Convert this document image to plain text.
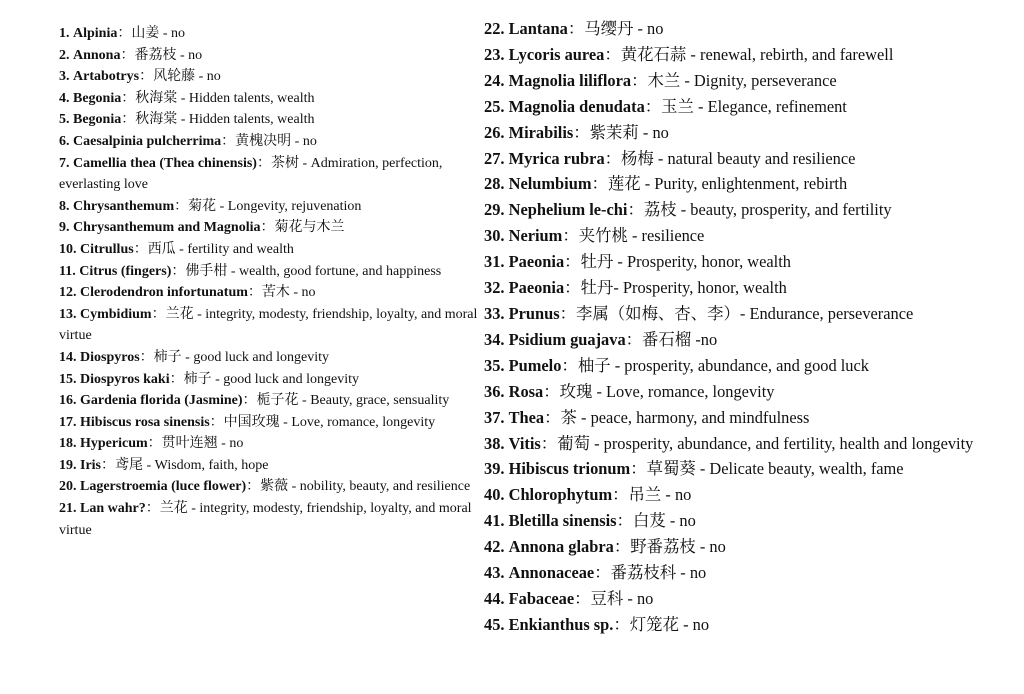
1. Alpinia：山姜 - no

2. Annona：番荔枝 - no

3. Artabotrys：风轮藤 - no

4. Begonia：秋海棠 - Hidden talents, wealth

5. Begonia：秋海棠 - Hidden talents, wealth

6. Caesalpinia pulcherrima：黄槐决明 - no

7. Camellia thea (Thea chinensis)：茶树 - Admiration, perfection, everlasting love

8. Chrysanthemum：菊花 - Longevity, rejuvenation

9. Chrysanthemum and Magnolia：菊花与木兰

10. Citrullus：西瓜 - fertility and wealth

11. Citrus (fingers)：佛手柑 - wealth, good fortune, and happiness

12. Clerodendron infortunatum：苦木 - no

13. Cymbidium：兰花 - integrity, modesty, friendship, loyalty, and moral virtue

14. Diospyros：柿子 - good luck and longevity

15. Diospyros kaki：柿子 - good luck and longevity

16. Gardenia florida (Jasmine)：栀子花 - Beauty, grace, sensuality

17. Hibiscus rosa sinensis：中国玫瑰 - Love, romance, longevity

18. Hypericum：贯叶连翘 - no

19. Iris：鸢尾 - Wisdom, faith, hope

20. Lagerstroemia (luce flower)：紫薇 - nobility, beauty, and resilience

21. Lan wahr?：兰花 - integrity, modesty, friendship, loyalty, and moral virtue

22. Lantana：马缨丹 - no

23. Lycoris aurea：黄花石蒜 - renewal, rebirth, and farewell

24. Magnolia liliflora：木兰 - Dignity, perseverance

25. Magnolia denudata：玉兰 - Elegance, refinement

26. Mirabilis：紫茉莉 - no

27. Myrica rubra：杨梅 - natural beauty and resilience

28. Nelumbium：莲花 - Purity, enlightenment, rebirth

29. Nephelium le-chi：荔枝 - beauty, prosperity, and fertility

30. Nerium：夹竹桃 - resilience

31. Paeonia：牡丹 - Prosperity, honor, wealth

32. Paeonia：牡丹- Prosperity, honor, wealth

33. Prunus：李属（如梅、杏、李）- Endurance, perseverance

34. Psidium guajava：番石榴 -no

35. Pumelo：柚子 - prosperity, abundance, and good luck

36. Rosa：玫瑰 - Love, romance, longevity

37. Thea：茶 - peace, harmony, and mindfulness

38. Vitis：葡萄 - prosperity, abundance, and fertility, health and longevity

39. Hibiscus trionum：草蜀葵 - Delicate beauty, wealth, fame

40. Chlorophytum：吊兰 - no

41. Bletilla sinensis：白芨 - no

42. Annona glabra：野番荔枝 - no

43. Annonaceae：番荔枝科 - no

44. Fabaceae：豆科 - no

45. Enkianthus sp.：灯笼花 - no
